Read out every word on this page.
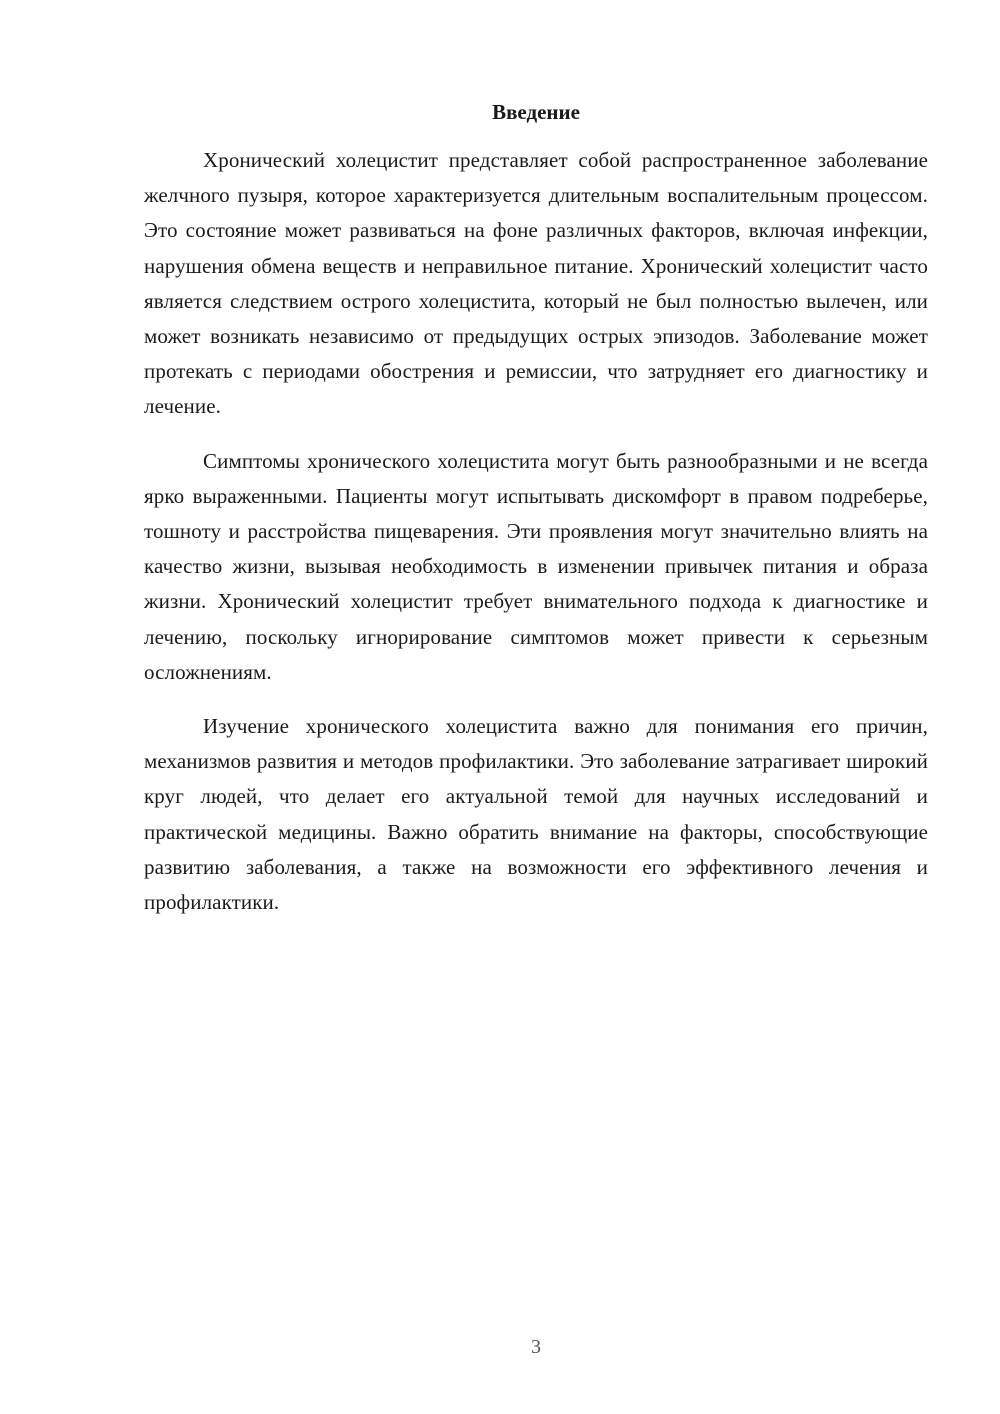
Введение

Хронический холецистит представляет собой распространенное заболевание желчного пузыря, которое характеризуется длительным воспалительным процессом. Это состояние может развиваться на фоне различных факторов, включая инфекции, нарушения обмена веществ и неправильное питание. Хронический холецистит часто является следствием острого холецистита, который не был полностью вылечен, или может возникать независимо от предыдущих острых эпизодов. Заболевание может протекать с периодами обострения и ремиссии, что затрудняет его диагностику и лечение.

Симптомы хронического холецистита могут быть разнообразными и не всегда ярко выраженными. Пациенты могут испытывать дискомфорт в правом подреберье, тошноту и расстройства пищеварения. Эти проявления могут значительно влиять на качество жизни, вызывая необходимость в изменении привычек питания и образа жизни. Хронический холецистит требует внимательного подхода к диагностике и лечению, поскольку игнорирование симптомов может привести к серьезным осложнениям.

Изучение хронического холецистита важно для понимания его причин, механизмов развития и методов профилактики. Это заболевание затрагивает широкий круг людей, что делает его актуальной темой для научных исследований и практической медицины. Важно обратить внимание на факторы, способствующие развитию заболевания, а также на возможности его эффективного лечения и профилактики.

3
